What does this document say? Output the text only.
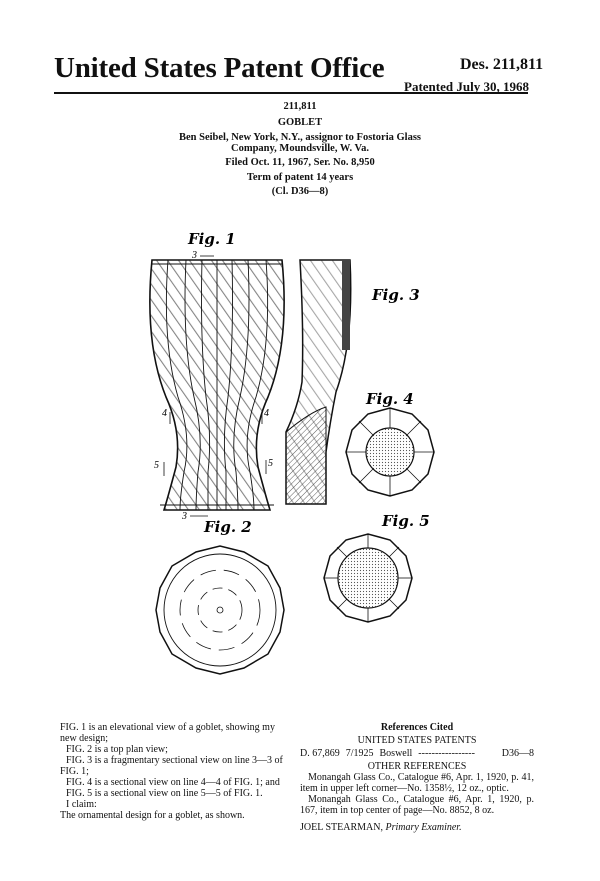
United States Patent Office	Des. 211,811
Patented July 30, 1968
211,811
GOBLET
Ben Seibel, New York, N.Y., assignor to Fostoria Glass
Company, Moundsville, W. Va.
Filed Oct. 11, 1967, Ser. No. 8,950
Term of patent 14 years
(Cl. D36—8)
3
3
4	4
5	5
Fig. 1
Fig. 3
Fig. 4
Fig. 2	Fig. 5
FIG. 1 is an elevational view of a goblet, showing my new design;
FIG. 2 is a top plan view;
FIG. 3 is a fragmentary sectional view on line 3—3 of FIG. 1;
FIG. 4 is a sectional view on line 4—4 of FIG. 1; and
FIG. 5 is a sectional view on line 5—5 of FIG. 1.
I claim:
The ornamental design for a goblet, as shown.
References Cited
UNITED STATES PATENTS
D. 67,869 7/1925 Boswell -----------------	D36—8
OTHER REFERENCES
Monangah Glass Co., Catalogue #6, Apr. 1, 1920, p. 41, item in upper left corner—No. 1358½, 12 oz., optic.
Monangah Glass Co., Catalogue #6, Apr. 1, 1920, p. 167, item in top center of page—No. 8852, 8 oz.
JOEL STEARMAN, Primary Examiner.
